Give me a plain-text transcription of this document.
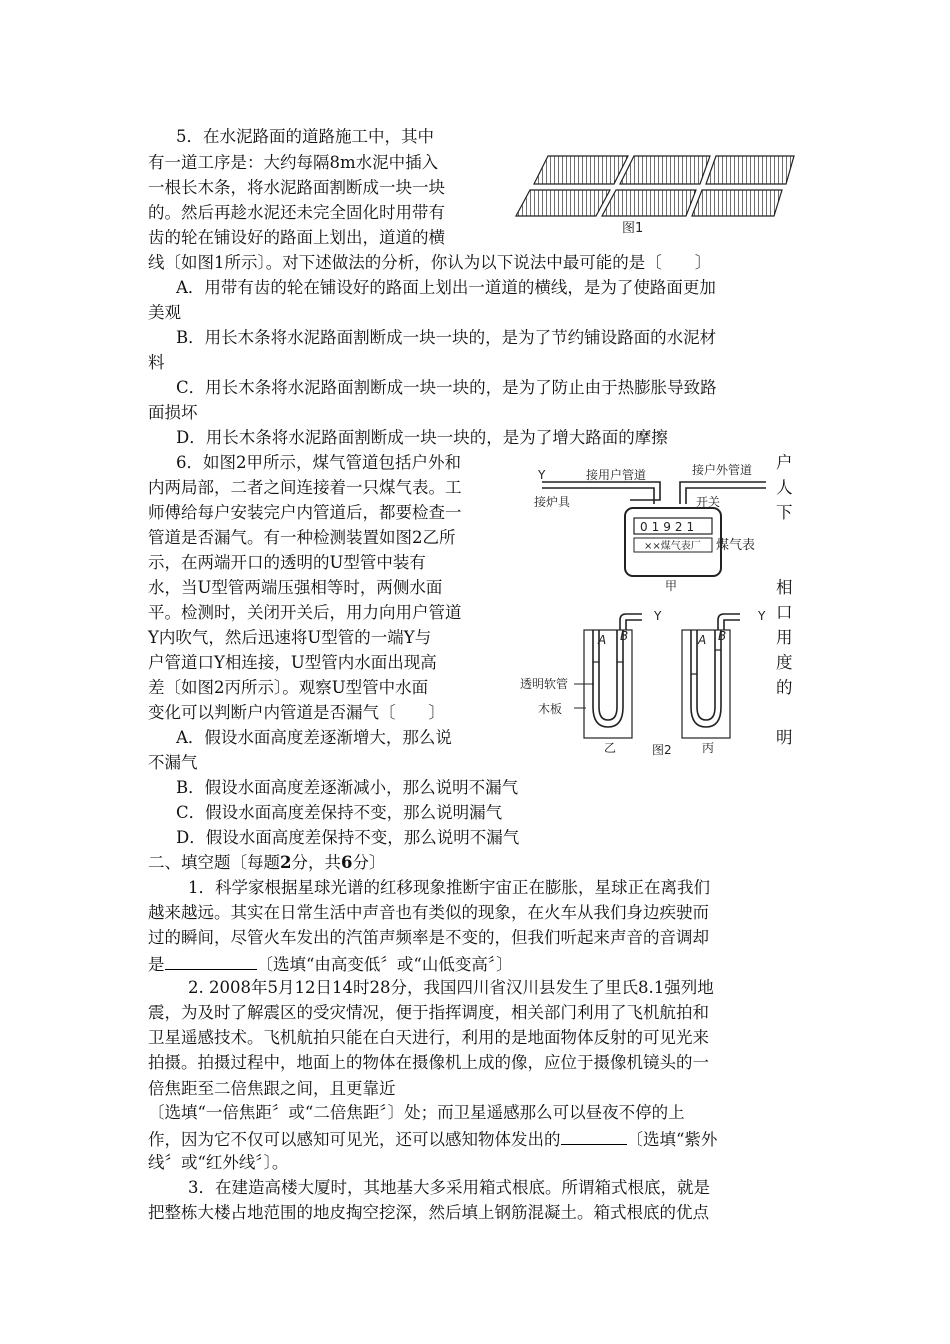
5．在水泥路面的道路施工中，其中
有一道工序是：大约每隔8m水泥中插入
一根长木条，将水泥路面割断成一块一块
的。然后再趁水泥还未完全固化时用带有
齿的轮在铺设好的路面上划出，道道的横
线〔如图1所示〕。对下述做法的分析，你认为以下说法中最可能的是〔　　〕
图1
A．用带有齿的轮在铺设好的路面上划出一道道的横线，是为了使路面更加
美观
B．用长木条将水泥路面割断成一块一块的，是为了节约铺设路面的水泥材
料
C．用长木条将水泥路面割断成一块一块的，是为了防止由于热膨胀导致路
面损坏
D．用长木条将水泥路面割断成一块一块的，是为了增大路面的摩擦
6．如图2甲所示，煤气管道包括户外和
内两局部，二者之间连接着一只煤气表。工
师傅给每户安装完户内管道后，都要检查一
管道是否漏气。有一种检测装置如图2乙所
示，在两端开口的透明的U型管中装有
水，当U型管两端压强相等时，两侧水面
平。检测时，关闭开关后，用力向用户管道
Y内吹气，然后迅速将U型管的一端Y与
户管道口Y相连接，U型管内水面出现高
差〔如图2丙所示〕。观察U型管中水面
变化可以判断户内管道是否漏气〔　　〕
A．假设水面高度差逐渐增大，那么说
不漏气
户
人
下
相
口
用
度
的
明
Y	接用户管道	接户外管道
接炉具	开关
01921
××煤气表厂 煤气表
甲
Y	Y
A B	A B
透明软管
木板
乙	丙
图2
B．假设水面高度差逐渐减小，那么说明不漏气
C．假设水面高度差保持不变，那么说明漏气
D．假设水面高度差保持不变，那么说明不漏气
二、填空题〔每题2分，共6分〕
1．科学家根据星球光谱的红移现象推断宇宙正在膨胀，星球正在离我们
越来越远。其实在日常生活中声音也有类似的现象，在火车从我们身边疾驶而
过的瞬间，尽管火车发出的汽笛声频率是不变的，但我们听起来声音的音调却
是	〔选填“由高变低〞或“山低变高〞〕
2. 2008年5月12日14时28分，我国四川省汉川县发生了里氏8.1强列地
震，为及时了解震区的受灾情况，便于指挥调度，相关部门利用了飞机航拍和
卫星遥感技术。飞机航拍只能在白天进行，利用的是地面物体反射的可见光来
拍摄。拍摄过程中，地面上的物体在摄像机上成的像，应位于摄像机镜头的一
倍焦距至二倍焦跟之间，且更靠近
〔选填“一倍焦距〞或“二倍焦距〞〕处；而卫星遥感那么可以昼夜不停的上
作，因为它不仅可以感知可见光，还可以感知物体发出的	〔选填“紫外
线〞或“红外线〞〕。
3．在建造高楼大厦时，其地基大多采用箱式根底。所谓箱式根底，就是
把整栋大楼占地范围的地皮掏空挖深，然后填上钢筋混凝土。箱式根底的优点
